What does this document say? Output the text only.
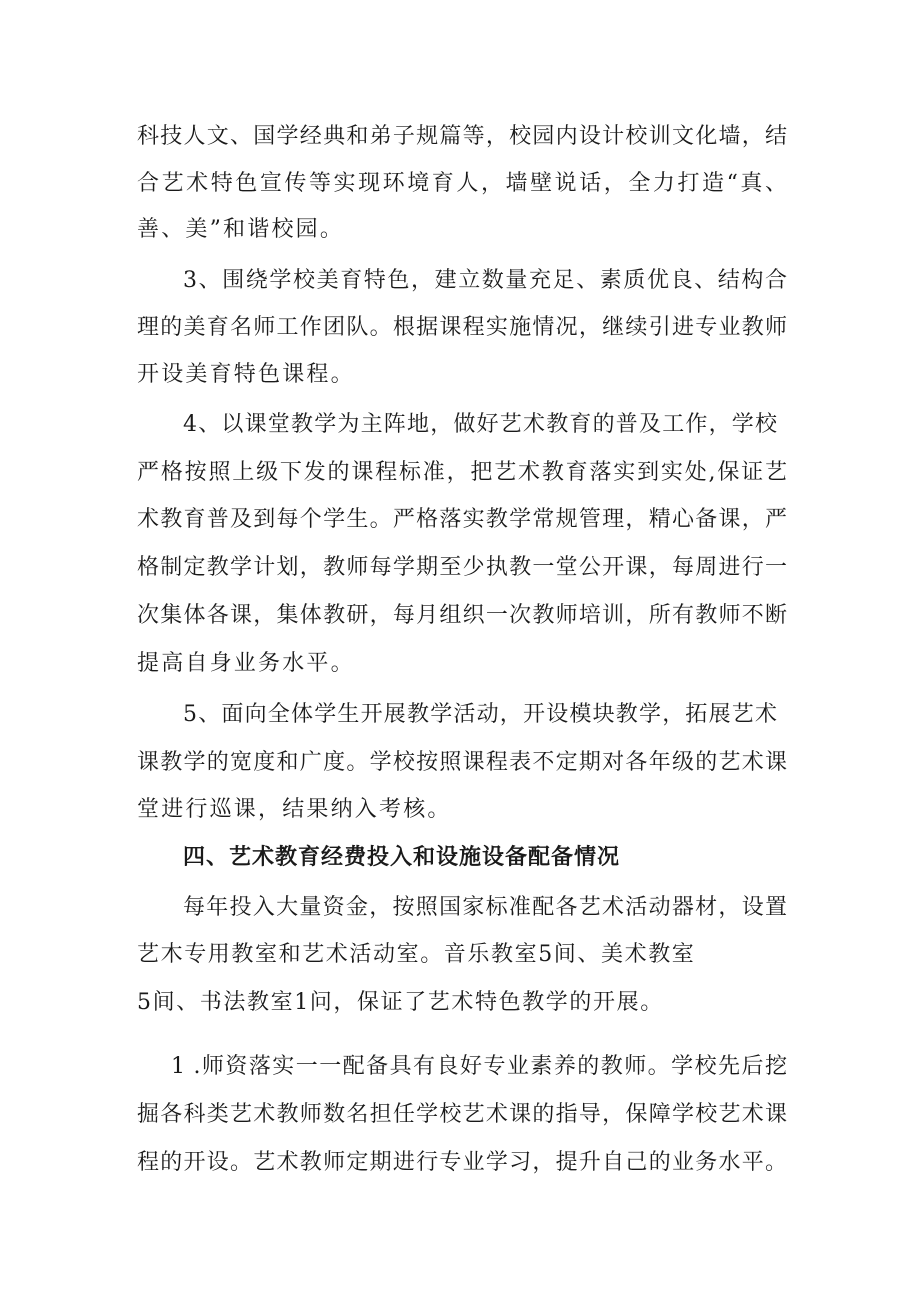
科技人文、国学经典和弟子规篇等，校园内设计校训文化墙，结
合艺术特色宣传等实现环境育人，墙壁说话，全力打造“真、
善、美”和谐校园。
3、围绕学校美育特色，建立数量充足、素质优良、结构合
理的美育名师工作团队。根据课程实施情况，继续引进专业教师
开设美育特色课程。
4、以课堂教学为主阵地，做好艺术教育的普及工作，学校
严格按照上级下发的课程标准，把艺术教育落实到实处,保证艺
术教育普及到每个学生。严格落实教学常规管理，精心备课，严
格制定教学计划，教师每学期至少执教一堂公开课，每周进行一
次集体各课，集体教研，每月组织一次教师培训，所有教师不断
提高自身业务水平。
5、面向全体学生开展教学活动，开设模块教学，拓展艺术
课教学的宽度和广度。学校按照课程表不定期对各年级的艺术课
堂进行巡课，结果纳入考核。
四、艺术教育经费投入和设施设备配备情况
每年投入大量资金，按照国家标准配各艺术活动器材，设置
艺木专用教室和艺术活动室。音乐教室5间、美术教室
5间、书法教室1问，保证了艺术特色教学的开展。
1 .师资落实一一配备具有良好专业素养的教师。学校先后挖
掘各科类艺术教师数名担任学校艺术课的指导，保障学校艺术课
程的开设。艺术教师定期进行专业学习，提升自己的业务水平。
